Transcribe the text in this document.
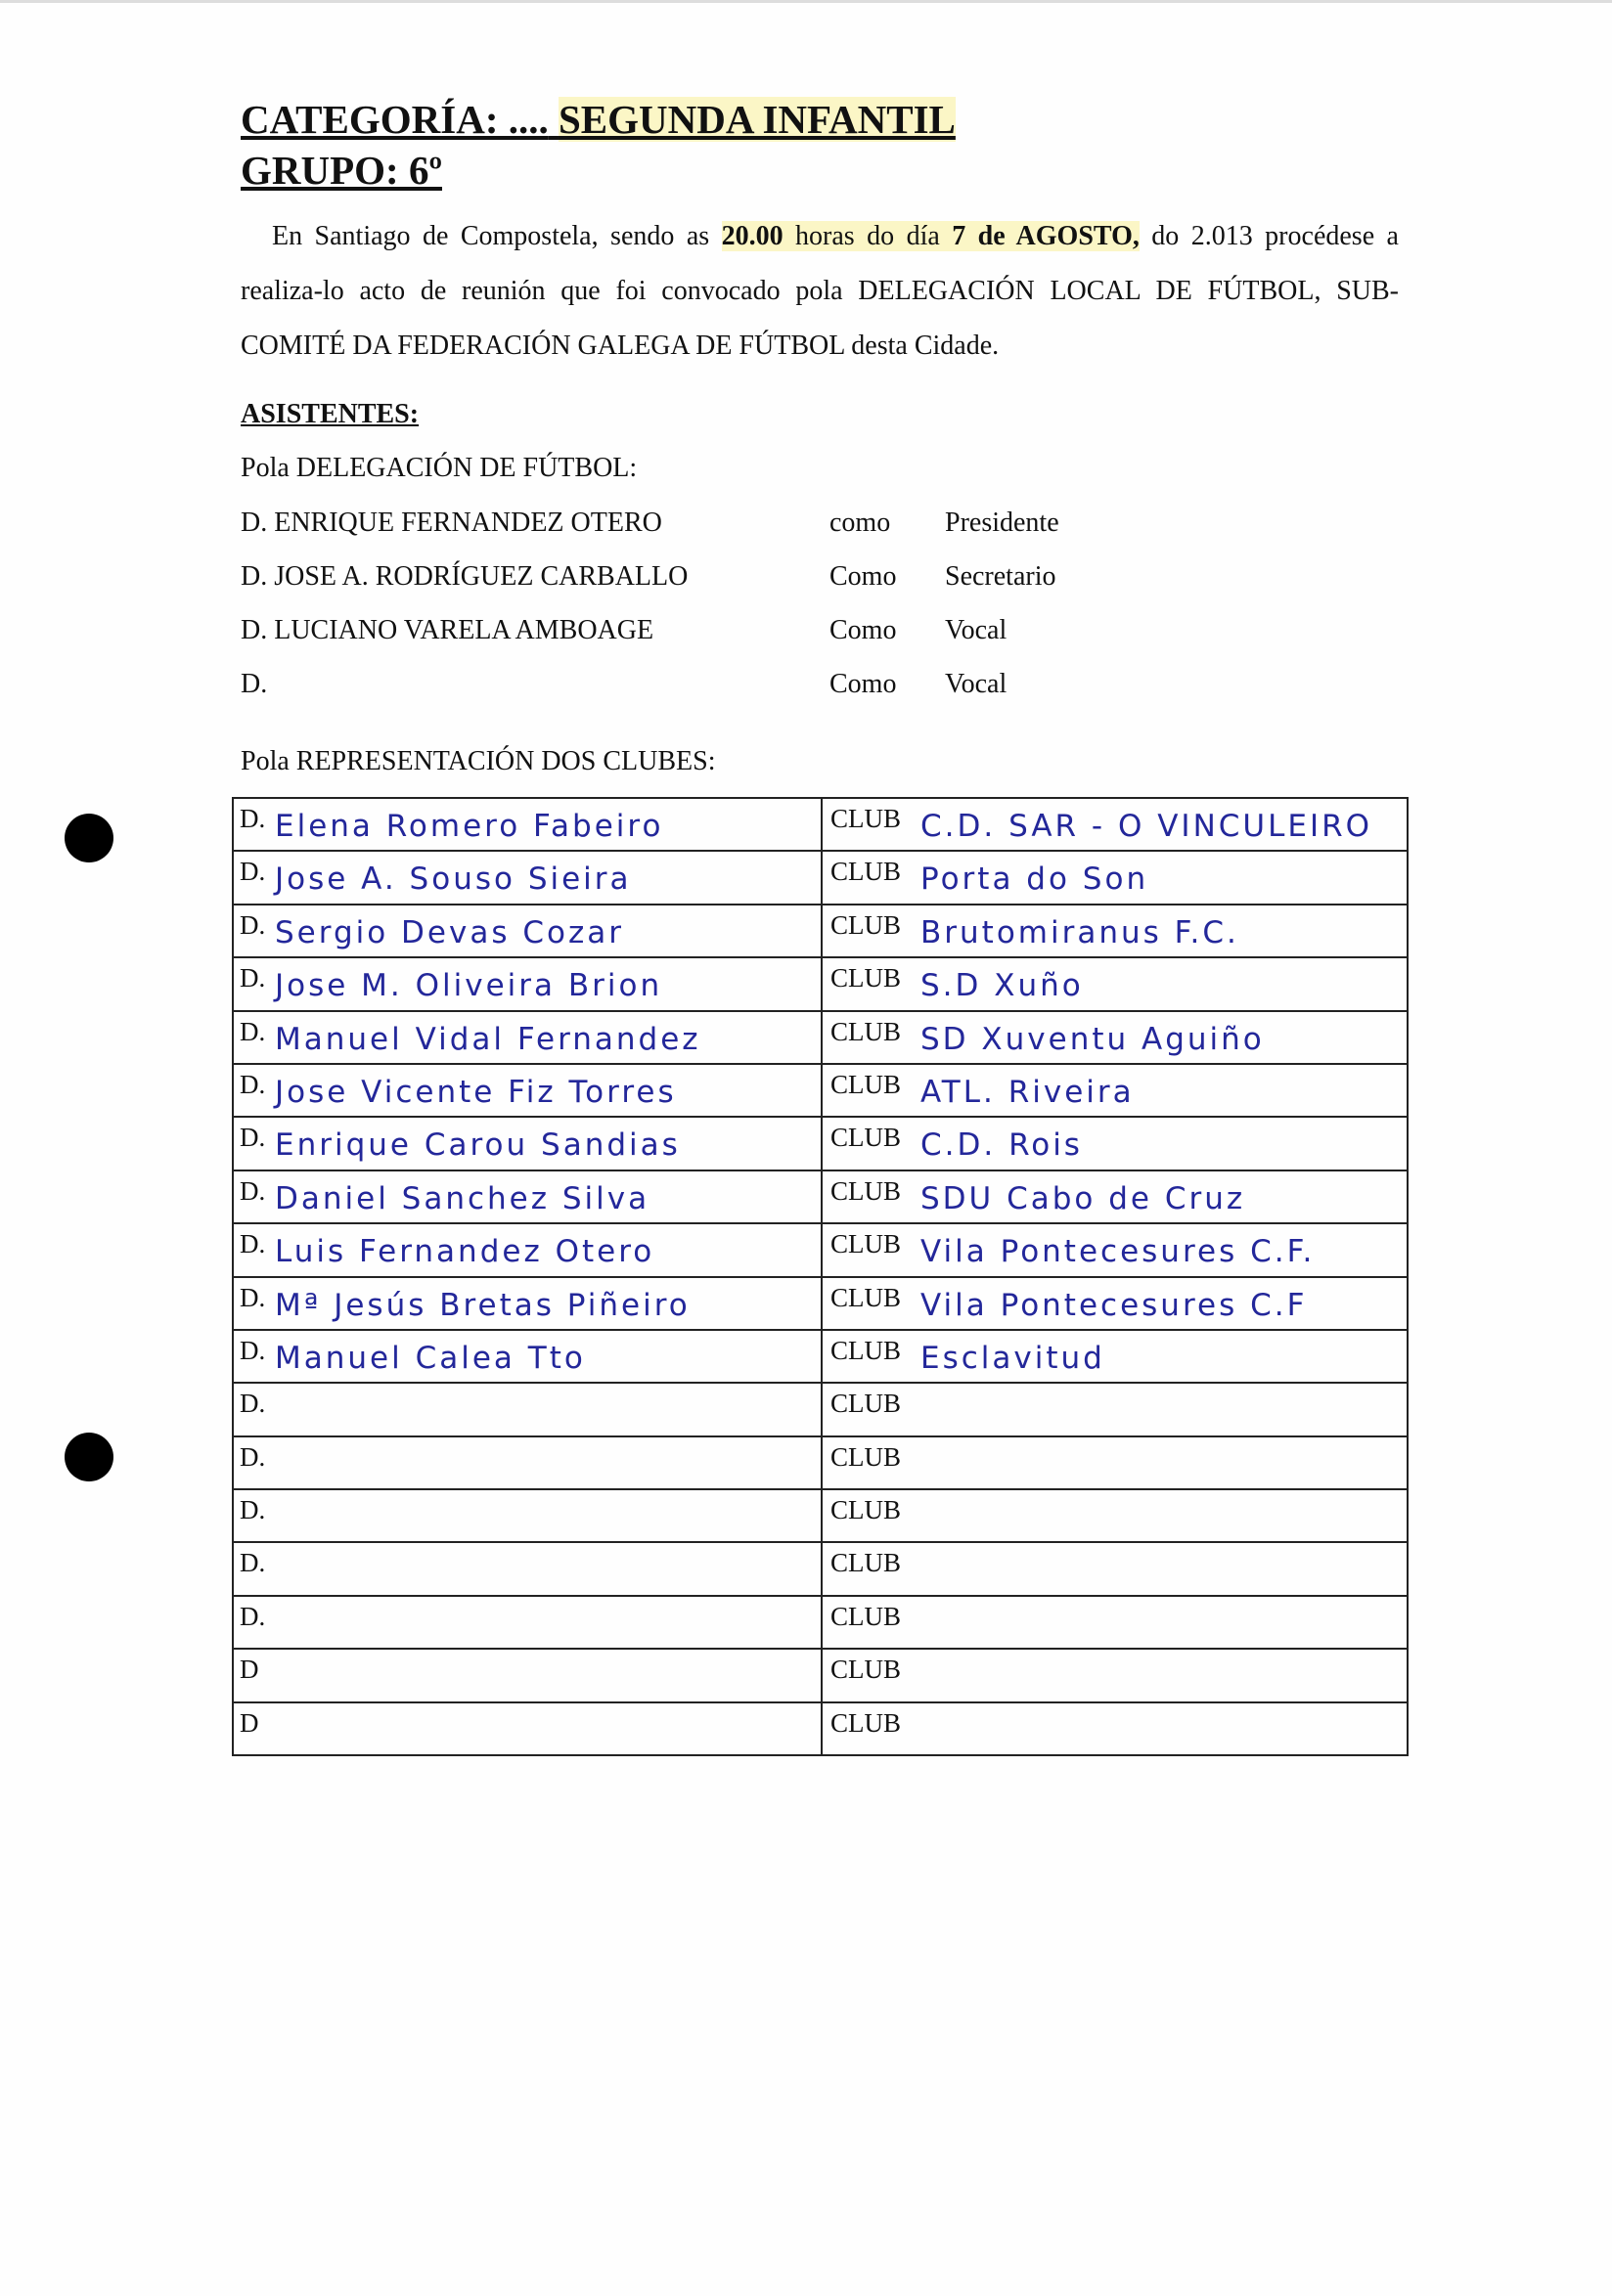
CATEGORÍA: .... SEGUNDA INFANTIL
GRUPO: 6º

En Santiago de Compostela, sendo as 20.00 horas do día 7 de AGOSTO, do 2.013 procédese a realiza-lo acto de reunión que foi convocado pola DELEGACIÓN LOCAL DE FÚTBOL, SUB-COMITÉ DA FEDERACIÓN GALEGA DE FÚTBOL desta Cidade.

ASISTENTES:
Pola DELEGACIÓN DE FÚTBOL:
D. ENRIQUE FERNANDEZ OTERO	como Presidente
D. JOSE A. RODRÍGUEZ CARBALLO	Como Secretario
D. LUCIANO VARELA AMBOAGE	Como Vocal
D.	Como Vocal
Pola REPRESENTACIÓN DOS CLUBES:
D. Elena Romero Fabeiro	CLUB C.D. SAR - O VINCULEIRO

D. Jose A. Souso Sieira	CLUB Porta do Son

D. Sergio Devas Cozar	CLUB Brutomiranus F.C.

D. Jose M. Oliveira Brion	CLUB S.D Xuño

D. Manuel Vidal Fernandez	CLUB SD Xuventu Aguiño

D. Jose Vicente Fiz Torres	CLUB ATL. Riveira

D. Enrique Carou Sandias	CLUB C.D. Rois

D. Daniel Sanchez Silva	CLUB SDU Cabo de Cruz

D. Luis Fernandez Otero	CLUB Vila Pontecesures C.F.

D. Mª Jesús Bretas Piñeiro	CLUB Vila Pontecesures C.F

D. Manuel Calea Tto	CLUB Esclavitud

D.	CLUB

D.	CLUB

D.	CLUB

D.	CLUB

D.	CLUB

D	CLUB

D	CLUB
